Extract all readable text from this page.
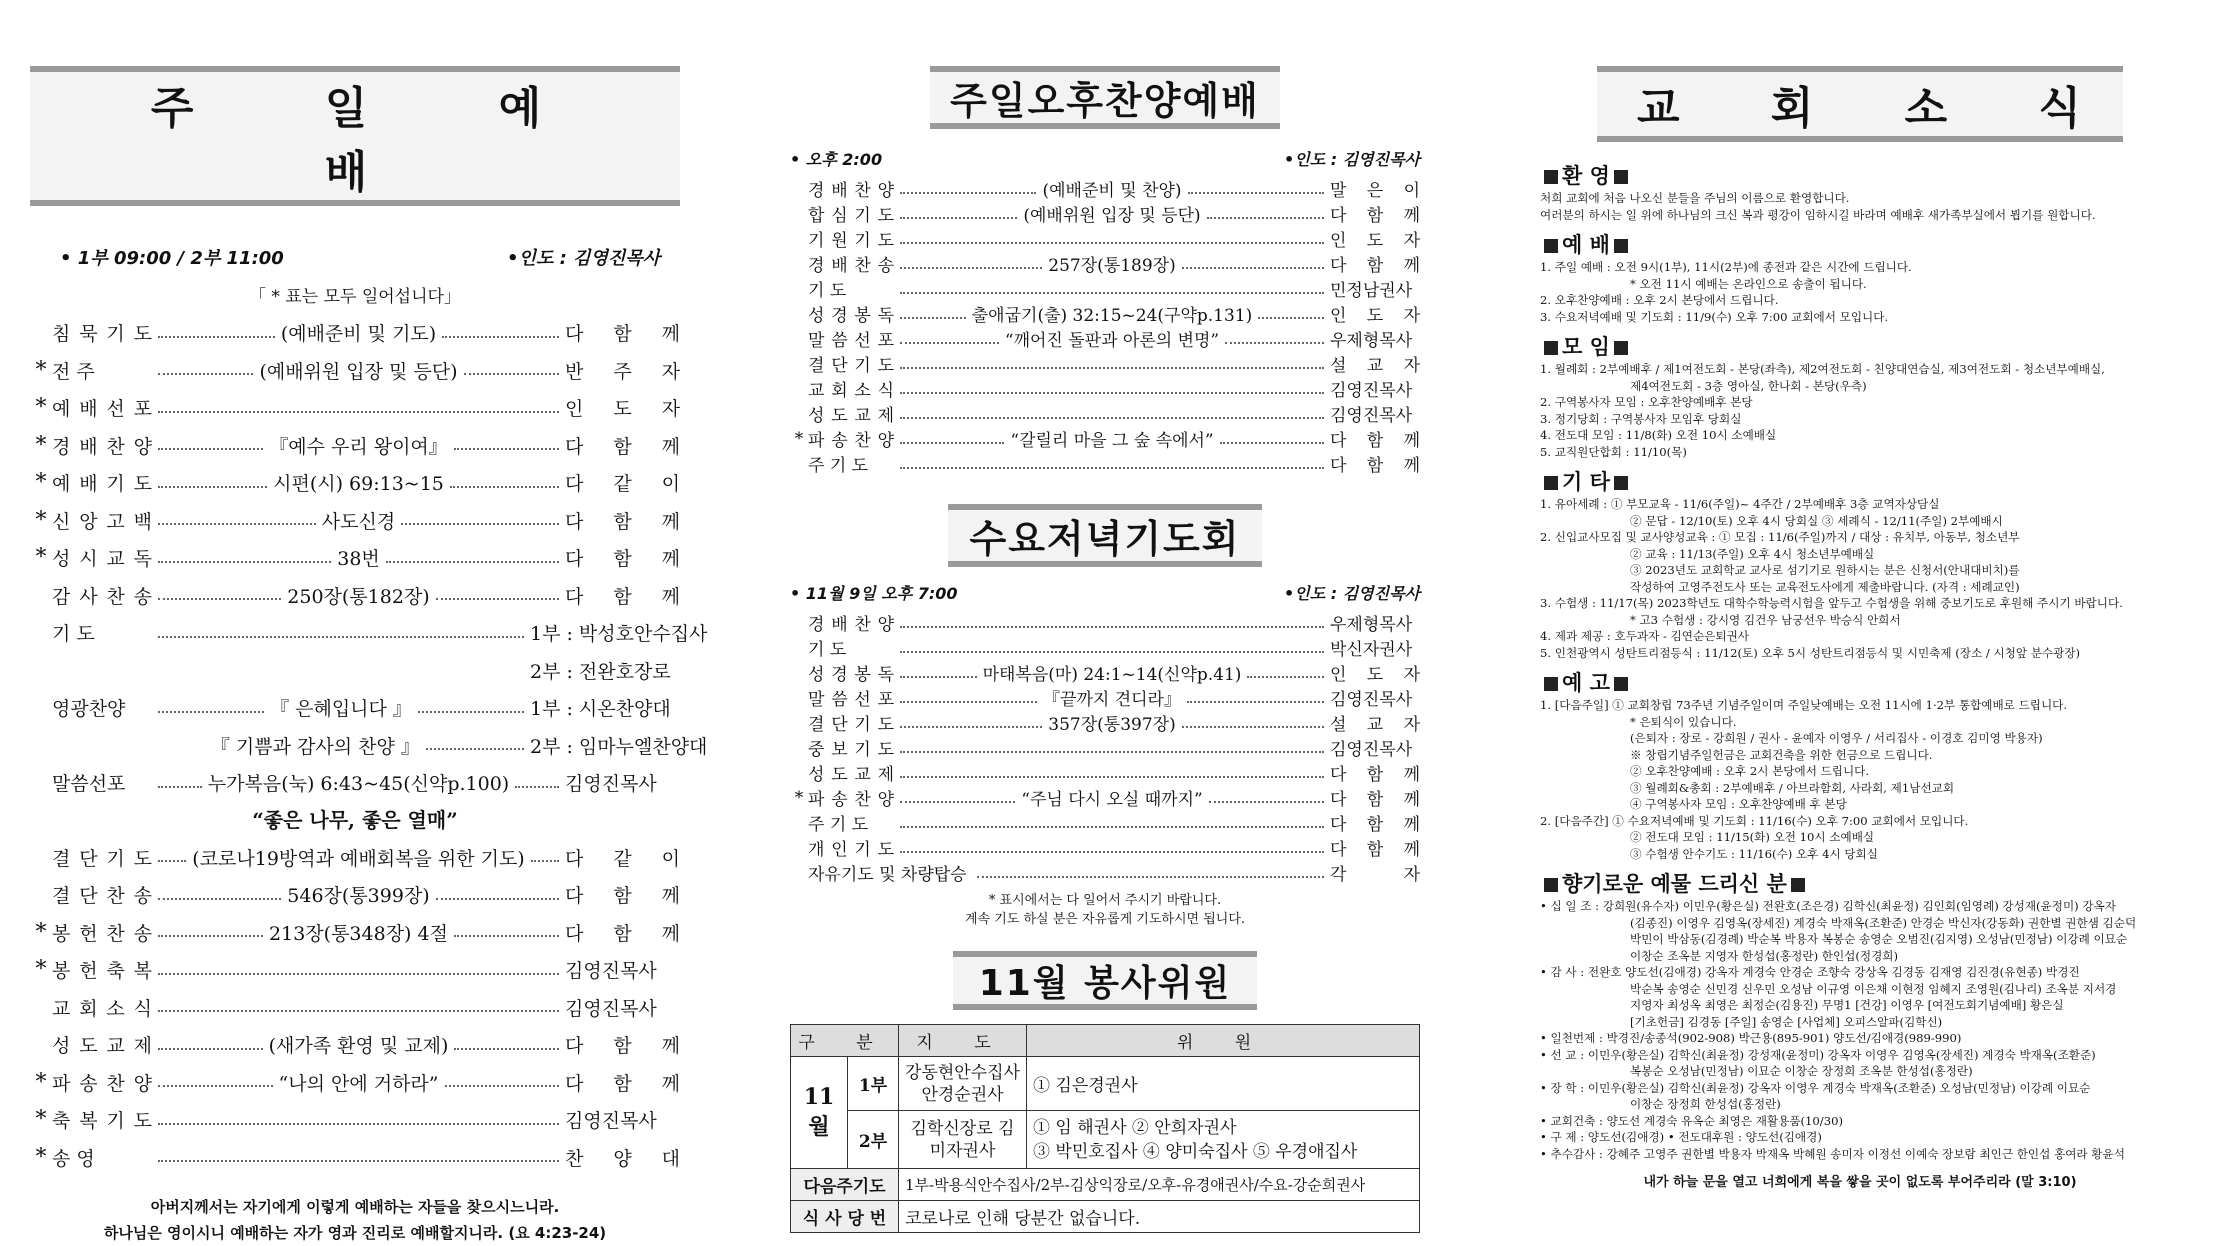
주 일 예 배
• 1부 09:00 / 2부 11:00	•인도 : 김영진목사
「 * 표는 모두 일어섭니다」
침 묵 기 도	(예배준비 및 기도)	다 함 께
* 전 주	(예배위원 입장 및 등단)	반 주 자
* 예 배 선 포	인 도 자
* 경 배 찬 양	『예수 우리 왕이여』	다 함 께
* 예 배 기 도	시편(시) 69:13~15	다 같 이
* 신 앙 고 백	사도신경	다 함 께
* 성 시 교 독	38번	다 함 께
감 사 찬 송	250장(통182장)	다 함 께
기 도	1부 : 박성호안수집사
2부 : 전완호장로
영광찬양	『 은혜입니다 』	1부 : 시온찬양대
『 기쁨과 감사의 찬양 』	2부 : 임마누엘찬양대
말씀선포	누가복음(눅) 6:43~45(신약p.100)	김영진목사
“좋은 나무, 좋은 열매”
결 단 기 도 (코로나19방역과 예배회복을 위한 기도) 다 같 이
결 단 찬 송	546장(통399장)	다 함 께
* 봉 헌 찬 송	213장(통348장) 4절	다 함 께
* 봉 헌 축 복	김영진목사
교 회 소 식	김영진목사
성 도 교 제	(새가족 환영 및 교제)	다 함 께
* 파 송 찬 양	“나의 안에 거하라”	다 함 께
* 축 복 기 도	김영진목사
* 송 영	찬 양 대
아버지께서는 자기에게 이렇게 예배하는 자들을 찾으시느니라.
하나님은 영이시니 예배하는 자가 영과 진리로 예배할지니라. (요 4:23-24)
주일오후찬양예배
• 오후 2:00	•인도 : 김영진목사
경 배 찬 양	(예배준비 및 찬양)	말 은 이
합 심 기 도	(예배위원 입장 및 등단)	다 함 께
기 원 기 도	인 도 자
경 배 찬 송	257장(통189장)	다 함 께
기 도	민정남권사
성 경 봉 독	출애굽기(출) 32:15~24(구약p.131)	인 도 자
말 씀 선 포	“깨어진 돌판과 아론의 변명”	우제형목사
결 단 기 도	설 교 자
교 회 소 식	김영진목사
성 도 교 제	김영진목사
* 파 송 찬 양	“갈릴리 마을 그 숲 속에서”	다 함 께
주 기 도	다 함 께
수요저녁기도회
• 11월 9일 오후 7:00	•인도 : 김영진목사
경 배 찬 양	우제형목사
기 도	박신자권사
성 경 봉 독	마태복음(마) 24:1~14(신약p.41)	인 도 자
말 씀 선 포	『끝까지 견디라』	김영진목사
결 단 기 도	357장(통397장)	설 교 자
중 보 기 도	김영진목사
성 도 교 제	다 함 께
* 파 송 찬 양	“주님 다시 오실 때까지”	다 함 께
주 기 도	다 함 께
개 인 기 도	다 함 께
자유기도 및 차량탑승	각	자
* 표시에서는 다 일어서 주시기 바랍니다.
계속 기도 하실 분은 자유롭게 기도하시면 됩니다.
11월 봉사위원
구 분		지 도	위 원
11월	1부	강동현안수집사 안경순권사	① 김은경권사
	2부	김학신장로 김미자권사	① 임 해권사 ② 안희자권사
③ 박민호집사 ④ 양미숙집사 ⑤ 우경애집사

다음주기도		1부-박용식안수집사/2부-김상익장로/오후-유경애권사/수요-강순희권사	
식 사 당 번		코로나로 인해 당분간 없습니다.	
교 회 소 식
환 영
처희 교회에 처음 나오신 분들을 주님의 이름으로 환영합니다.
여러분의 하시는 일 위에 하나님의 크신 복과 평강이 임하시길 바라며 예배후 새가족부실에서 뵙기를 원합니다.
예 배
1. 주일 예배 : 오전 9시(1부), 11시(2부)에 종전과 같은 시간에 드립니다.
* 오전 11시 예배는 온라인으로 송출이 됩니다.
2. 오후찬양예배 : 오후 2시 본당에서 드립니다.
3. 수요저녁예배 및 기도회 : 11/9(수) 오후 7:00 교회에서 모입니다.
모 임
1. 월례회 : 2부예배후 / 제1여전도회 - 본당(좌측), 제2여전도회 - 친양대연습실, 제3여전도회 - 청소년부예배실,
제4여전도회 - 3층 영아실, 한나회 - 본당(우측)
2. 구역봉사자 모임 : 오후찬양예배후 본당
3. 정기당회 : 구역봉사자 모임후 당회실
4. 전도대 모임 : 11/8(화) 오전 10시 소예배실
5. 교직원단합회 : 11/10(목)
기 타
1. 유아세례 : ① 부모교육 - 11/6(주일)~ 4주간 / 2부예배후 3층 교역자상담실
② 문답 - 12/10(토) 오후 4시 당회실 ③ 세례식 - 12/11(주일) 2부예배시
2. 신입교사모집 및 교사양성교육 : ① 모집 : 11/6(주일)까지 / 대상 : 유치부, 아동부, 청소년부
② 교육 : 11/13(주일) 오후 4시 청소년부예배실
③ 2023년도 교회학교 교사로 섬기기로 원하시는 분은 신청서(안내대비치)를
작성하여 고영주전도사 또는 교육전도사에게 제출바랍니다. (자격 : 세례교인)
3. 수험생 : 11/17(목) 2023학년도 대학수학능력시험을 앞두고 수험생을 위해 중보기도로 후원해 주시기 바랍니다.
* 고3 수험생 : 강시영 김건우 남궁선우 박승식 안희서
4. 제과 제공 : 호두과자 - 김연순은퇴권사
5. 인천광역시 성탄트리점등식 : 11/12(토) 오후 5시 성탄트리점등식 및 시민축제 (장소 / 시청앞 분수광장)
예 고
1. [다음주일] ① 교회창립 73주년 기념주일이며 주일낮예배는 오전 11시에 1·2부 통합예배로 드립니다.
* 은퇴식이 있습니다.
(은퇴자 : 장로 - 강희원 / 권사 - 윤예자 이영우 / 서리집사 - 이경호 김미영 박용자)
※ 창립기념주일헌금은 교회건축을 위한 헌금으로 드립니다.
② 오후찬양예배 : 오후 2시 본당에서 드립니다.
③ 월례회&총회 : 2부예배후 / 아브라함회, 사라회, 제1남선교회
④ 구역봉사자 모임 : 오후찬양예배 후 본당
2. [다음주간] ① 수요저녁예배 및 기도회 : 11/16(수) 오후 7:00 교회에서 모입니다.
② 전도대 모임 : 11/15(화) 오전 10시 소예배실
③ 수험생 안수기도 : 11/16(수) 오후 4시 당회실
향기로운 예물 드리신 분
• 십 일 조 : 강희원(유수자) 이민우(황은실) 전완호(조은경) 김학신(최윤정) 김인회(임영례) 강성재(윤정미) 강옥자
(김종진) 이영우 김영옥(장세진) 계경숙 박재옥(조환준) 안경순 박신자(강동화) 권한별 권한샘 김순덕
박민이 박삼동(김경례) 박순복 박용자 복봉순 송영순 오범진(김지영) 오성남(민정남) 이강례 이묘순
이창순 조옥분 지영자 한성섭(홍정란) 한인섭(정경희)
• 감 사 : 전완호 양도선(김애경) 강옥자 계경숙 안경순 조향숙 강상옥 김경동 김재영 김진경(유현종) 박경진
박순복 송영순 신민경 신우민 오성남 이규영 이은채 이현정 임혜지 조영원(김나리) 조옥분 지서경
지영자 최성옥 최영은 최정순(김용진) 무명1 [건강] 이영우 [여전도회기념예배] 황은실
[기초헌금] 김경동 [주일] 송영순 [사업체] 오피스알파(김학신)
• 일천번제 : 박경진/송종석(902-908) 박근용(895-901) 양도선/김애경(989-990)
• 선 교 : 이민우(황은실) 김학신(최윤정) 강성재(윤정미) 강옥자 이영우 김영옥(장세진) 계경숙 박재옥(조환준)
복봉순 오성남(민정남) 이묘순 이창순 장정희 조옥분 한성섭(홍정란)
• 장 학 : 이민우(황은실) 김학신(최윤정) 강옥자 이영우 계경숙 박재옥(조환준) 오성남(민정남) 이강례 이묘순
이창순 장정희 한성섭(홍정란)
• 교회건축 : 양도선 계경숙 유옥순 최영은 재활용품(10/30)
• 구 제 : 양도선(김애경) • 전도대후원 : 양도선(김애경)
• 추수감사 : 강혜주 고영주 권한별 박용자 박재옥 박혜원 송미자 이정선 이예숙 장보람 최인근 한인섭 홍여라 황윤석
내가 하늘 문을 열고 너희에게 복을 쌓을 곳이 없도록 부어주리라 (말 3:10)
